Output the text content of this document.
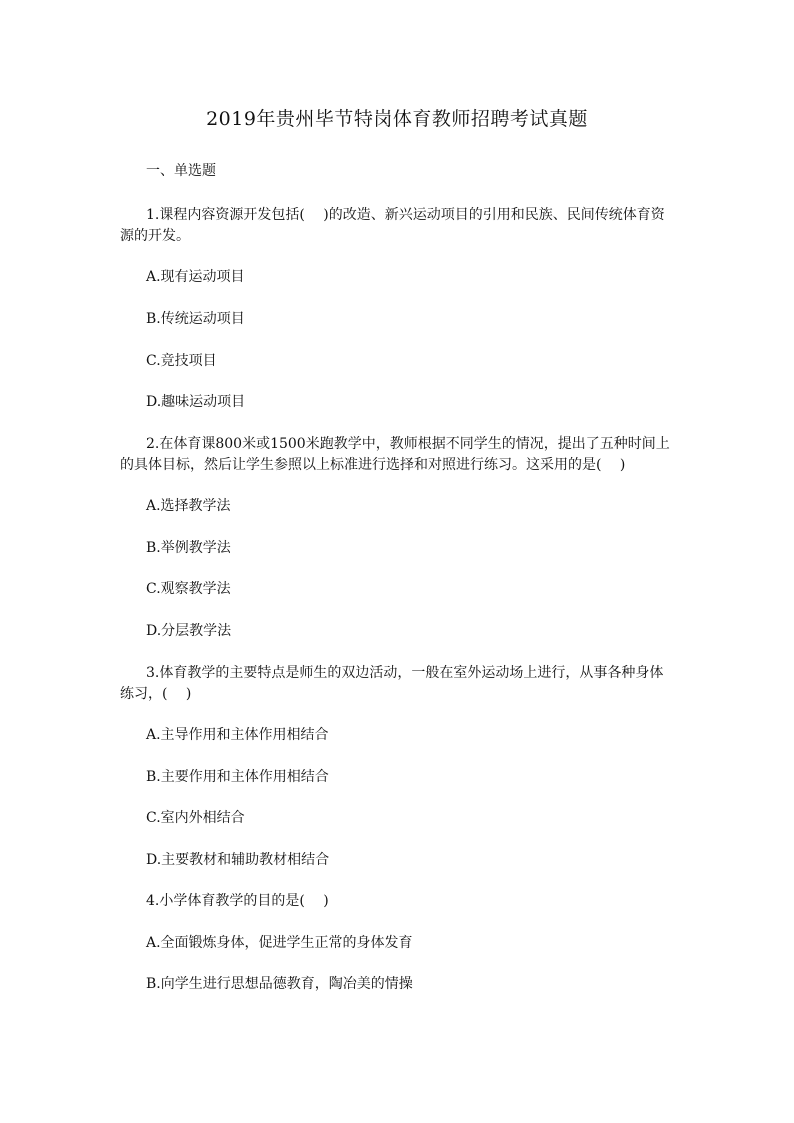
2019年贵州毕节特岗体育教师招聘考试真题
一、单选题
1.课程内容资源开发包括(　 )的改造、新兴运动项目的引用和民族、民间传统体育资
源的开发。
A.现有运动项目
B.传统运动项目
C.竞技项目
D.趣味运动项目
2.在体育课800米或1500米跑教学中，教师根据不同学生的情况，提出了五种时间上
的具体目标，然后让学生参照以上标准进行选择和对照进行练习。这采用的是(　 )
A.选择教学法
B.举例教学法
C.观察教学法
D.分层教学法
3.体育教学的主要特点是师生的双边活动，一般在室外运动场上进行，从事各种身体
练习，(　 )
A.主导作用和主体作用相结合
B.主要作用和主体作用相结合
C.室内外相结合
D.主要教材和辅助教材相结合
4.小学体育教学的目的是(　 )
A.全面锻炼身体，促进学生正常的身体发育
B.向学生进行思想品德教育，陶冶美的情操
